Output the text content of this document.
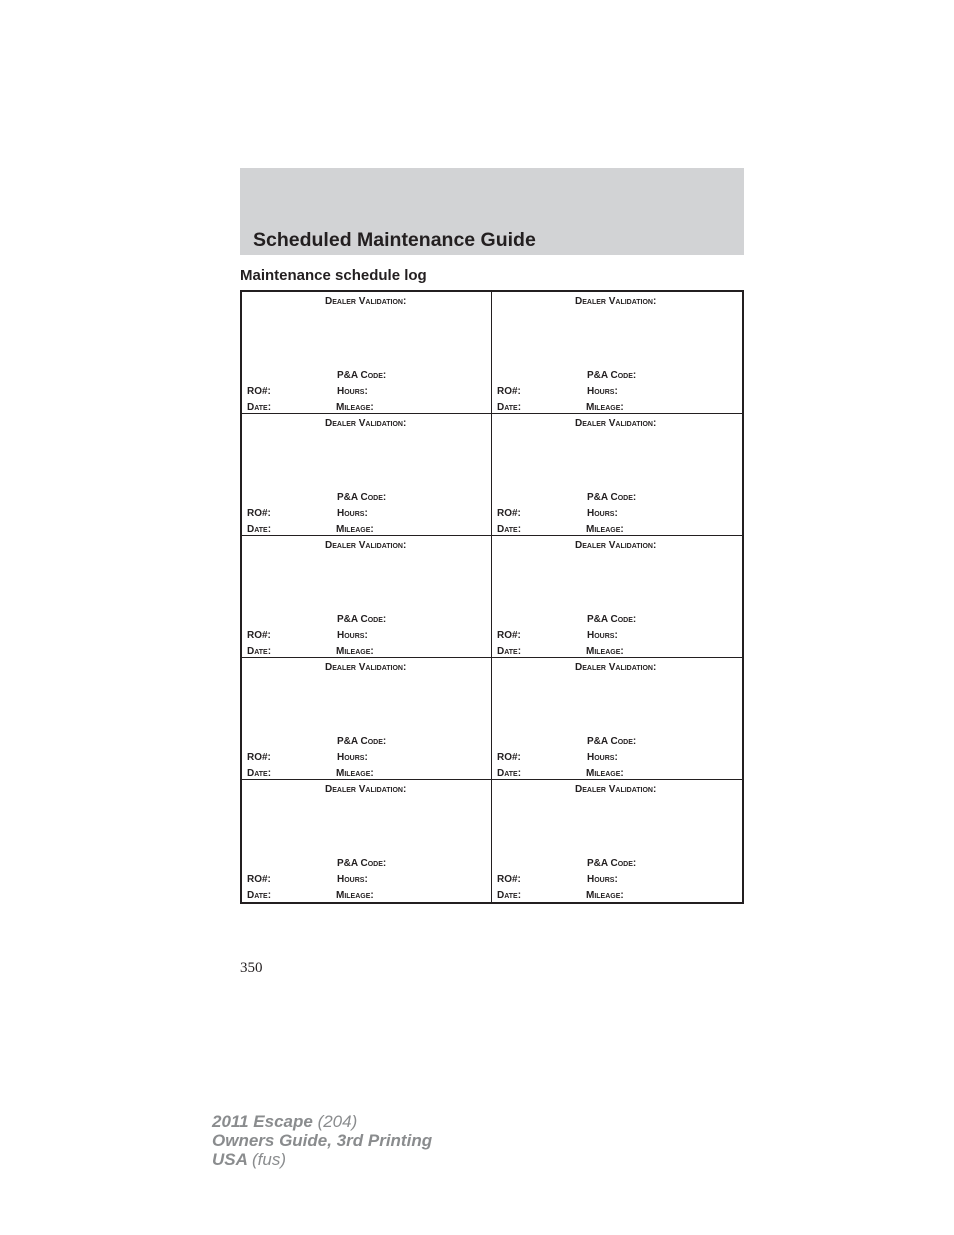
Scheduled Maintenance Guide
Maintenance schedule log
Dealer Validation:
P&A Code:
RO#:	Hours:
Date:	Mileage:
Dealer Validation:
P&A Code:
RO#:	Hours:
Date:	Mileage:
Dealer Validation:
P&A Code:
RO#:	Hours:
Date:	Mileage:
Dealer Validation:
P&A Code:
RO#:	Hours:
Date:	Mileage:
Dealer Validation:
P&A Code:
RO#:	Hours:
Date:	Mileage:
Dealer Validation:
P&A Code:
RO#:	Hours:
Date:	Mileage:
Dealer Validation:
P&A Code:
RO#:	Hours:
Date:	Mileage:
Dealer Validation:
P&A Code:
RO#:	Hours:
Date:	Mileage:
Dealer Validation:
P&A Code:
RO#:	Hours:
Date:	Mileage:
Dealer Validation:
P&A Code:
RO#:	Hours:
Date:	Mileage:
350
2011 Escape (204)
Owners Guide, 3rd Printing
USA (fus)
